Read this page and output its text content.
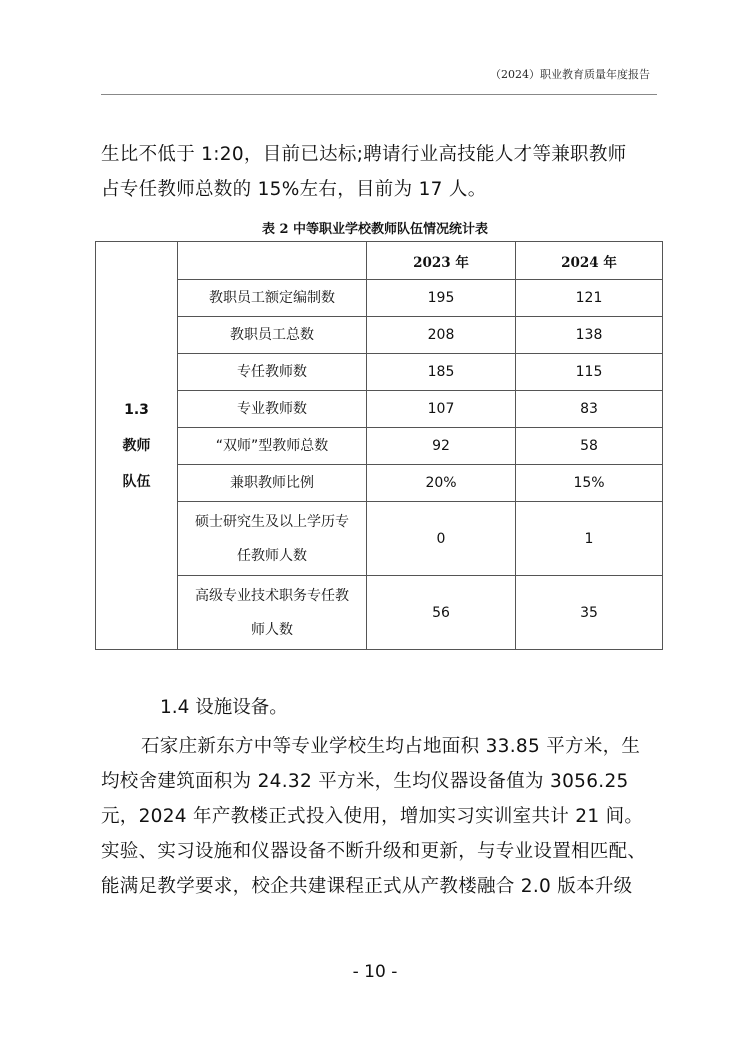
（2024）职业教育质量年度报告

生比不低于 1:20，目前已达标;聘请行业高技能人才等兼职教师
占专任教师总数的 15%左右，目前为 17 人。

表 2 中等职业学校教师队伍情况统计表
1.3
教师
队伍		2023 年	2024 年
	教职员工额定编制数	195	121
	教职员工总数	208	138
	专任教师数	185	115
	专业教师数	107	83
	“双师”型教师总数	92	58
	兼职教师比例	20%	15%

	硕士研究生及以上学历专
任教师人数	0	1

	高级专业技术职务专任教
师人数	56	35

1.4 设施设备。

石家庄新东方中等专业学校生均占地面积 33.85 平方米，生
均校舍建筑面积为 24.32 平方米，生均仪器设备值为 3056.25
元，2024 年产教楼正式投入使用，增加实习实训室共计 21 间。
实验、实习设施和仪器设备不断升级和更新，与专业设置相匹配、
能满足教学要求，校企共建课程正式从产教楼融合 2.0 版本升级

- 10 -
